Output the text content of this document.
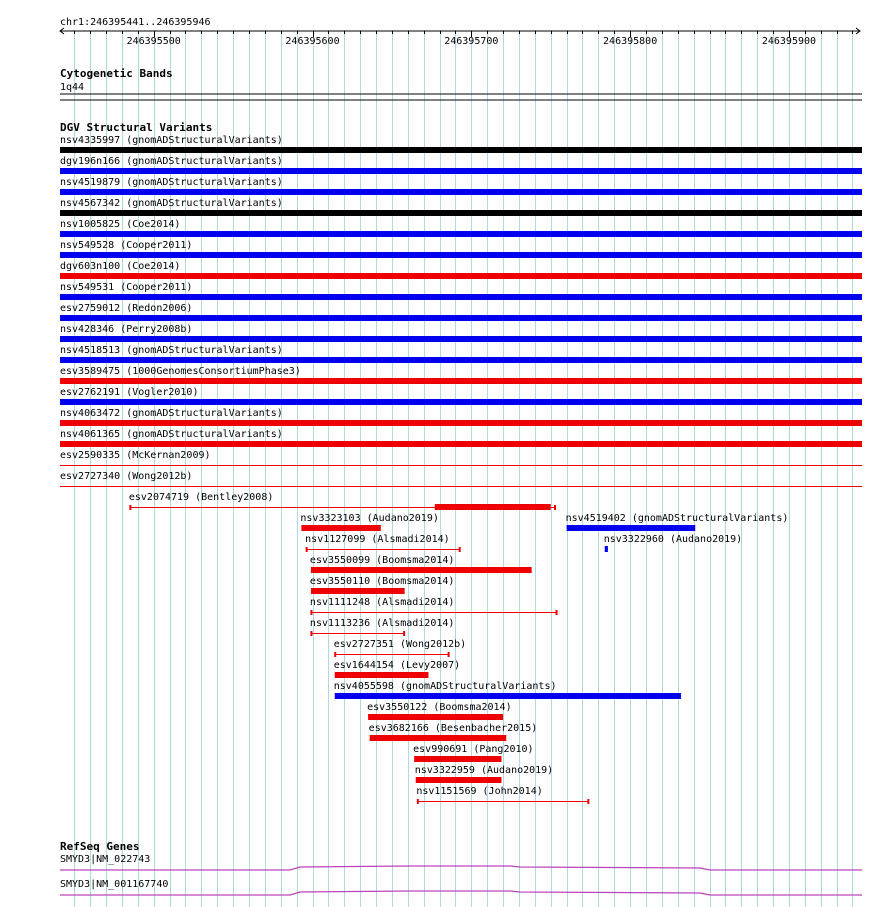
chr1:246395441..246395946
246395500	246395600	246395700	246395800	246395900
Cytogenetic Bands
1q44
DGV Structural Variants
nsv4335997 (gnomADStructuralVariants)
dgv196n166 (gnomADStructuralVariants)
nsv4519879 (gnomADStructuralVariants)
nsv4567342 (gnomADStructuralVariants)
nsv1005825 (Coe2014)
nsv549528 (Cooper2011)
dgv603n100 (Coe2014)
nsv549531 (Cooper2011)
esv2759012 (Redon2006)
nsv428346 (Perry2008b)
nsv4518513 (gnomADStructuralVariants)
esv3589475 (1000GenomesConsortiumPhase3)
esv2762191 (Vogler2010)
nsv4063472 (gnomADStructuralVariants)
nsv4061365 (gnomADStructuralVariants)
esv2590335 (McKernan2009)
esv2727340 (Wong2012b)
esv2074719 (Bentley2008)
nsv3323103 (Audano2019)	nsv4519402 (gnomADStructuralVariants)
nsv1127099 (Alsmadi2014)	nsv3322960 (Audano2019)
esv3550099 (Boomsma2014)
esv3550110 (Boomsma2014)
nsv1111248 (Alsmadi2014)
nsv1113236 (Alsmadi2014)
esv2727351 (Wong2012b)
esv1644154 (Levy2007)
nsv4055598 (gnomADStructuralVariants)
esv3550122 (Boomsma2014)
esv3682166 (Besenbacher2015)
esv990691 (Pang2010)
nsv3322959 (Audano2019)
nsv1151569 (John2014)
RefSeq Genes
SMYD3|NM_022743
SMYD3|NM_001167740
